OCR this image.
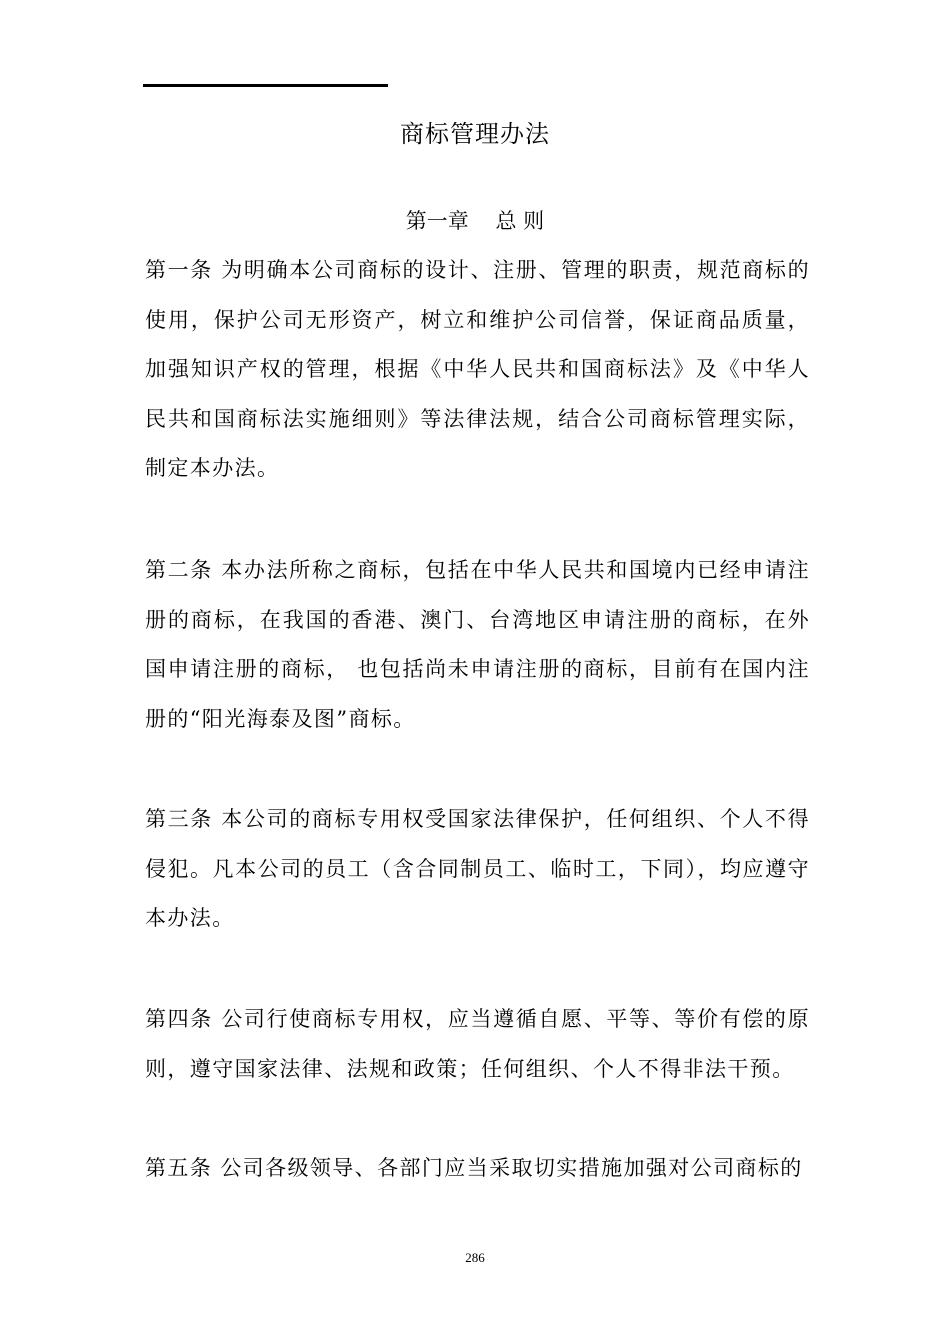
商标管理办法
第一章    总 则
第一条 为明确本公司商标的设计、注册、管理的职责，规范商标的使用，保护公司无形资产，树立和维护公司信誉，保证商品质量，加强知识产权的管理，根据《中华人民共和国商标法》及《中华人民共和国商标法实施细则》等法律法规，结合公司商标管理实际，制定本办法。
第二条 本办法所称之商标，包括在中华人民共和国境内已经申请注册的商标，在我国的香港、澳门、台湾地区申请注册的商标，在外国申请注册的商标， 也包括尚未申请注册的商标，目前有在国内注册的“阳光海泰及图”商标。
第三条 本公司的商标专用权受国家法律保护，任何组织、个人不得侵犯。凡本公司的员工（含合同制员工、临时工，下同），均应遵守本办法。
第四条 公司行使商标专用权，应当遵循自愿、平等、等价有偿的原则，遵守国家法律、法规和政策；任何组织、个人不得非法干预。
第五条 公司各级领导、各部门应当采取切实措施加强对公司商标的
286
